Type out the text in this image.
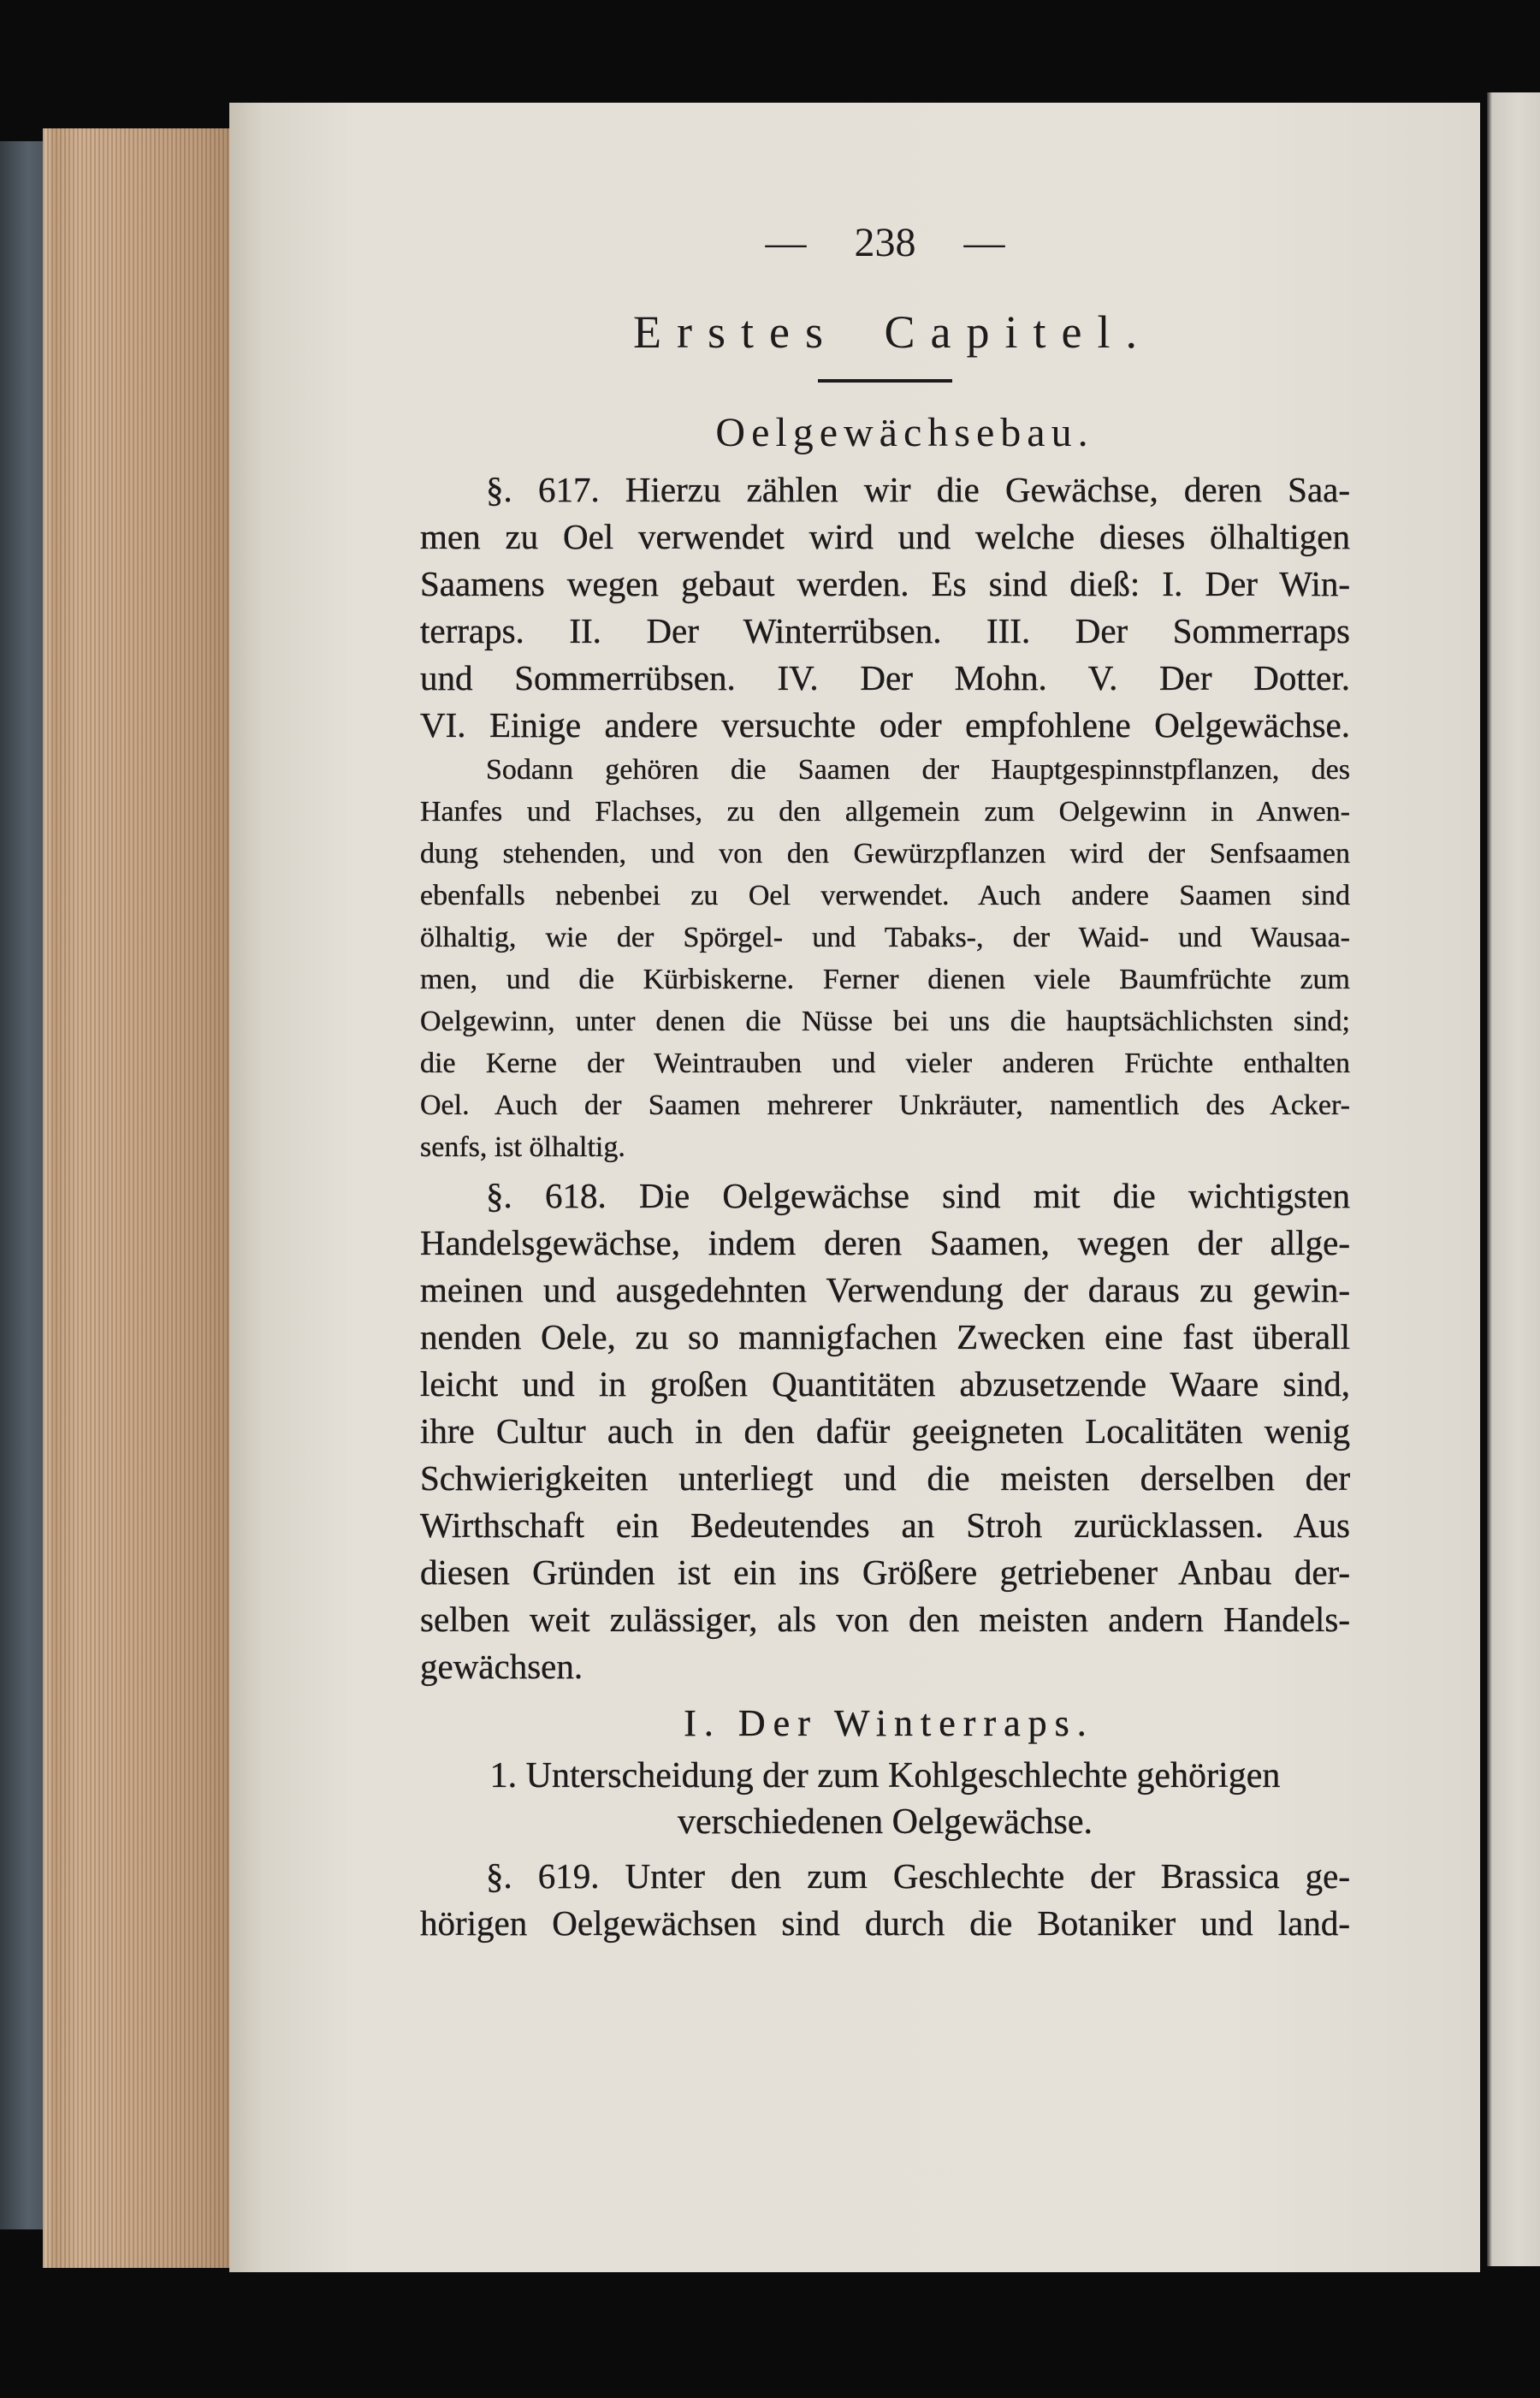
— 238 —
Erstes Capitel.
Oelgewächsebau.
§. 617. Hierzu zählen wir die Gewächse, deren Saa-
men zu Oel verwendet wird und welche dieses ölhaltigen
Saamens wegen gebaut werden. Es sind dieß: I. Der Win-
terraps. II. Der Winterrübsen. III. Der Sommerraps
und Sommerrübsen. IV. Der Mohn. V. Der Dotter.
VI. Einige andere versuchte oder empfohlene Oelgewächse.
Sodann gehören die Saamen der Hauptgespinnstpflanzen, des
Hanfes und Flachses, zu den allgemein zum Oelgewinn in Anwen-
dung stehenden, und von den Gewürzpflanzen wird der Senfsaamen
ebenfalls nebenbei zu Oel verwendet. Auch andere Saamen sind
ölhaltig, wie der Spörgel- und Tabaks-, der Waid- und Wausaa-
men, und die Kürbiskerne. Ferner dienen viele Baumfrüchte zum
Oelgewinn, unter denen die Nüsse bei uns die hauptsächlichsten sind;
die Kerne der Weintrauben und vieler anderen Früchte enthalten
Oel. Auch der Saamen mehrerer Unkräuter, namentlich des Acker-
senfs, ist ölhaltig.
§. 618. Die Oelgewächse sind mit die wichtigsten
Handelsgewächse, indem deren Saamen, wegen der allge-
meinen und ausgedehnten Verwendung der daraus zu gewin-
nenden Oele, zu so mannigfachen Zwecken eine fast überall
leicht und in großen Quantitäten abzusetzende Waare sind,
ihre Cultur auch in den dafür geeigneten Localitäten wenig
Schwierigkeiten unterliegt und die meisten derselben der
Wirthschaft ein Bedeutendes an Stroh zurücklassen. Aus
diesen Gründen ist ein ins Größere getriebener Anbau der-
selben weit zulässiger, als von den meisten andern Handels-
gewächsen.
I. Der Winterraps.
1. Unterscheidung der zum Kohlgeschlechte gehörigen
verschiedenen Oelgewächse.
§. 619. Unter den zum Geschlechte der Brassica ge-
hörigen Oelgewächsen sind durch die Botaniker und land-
